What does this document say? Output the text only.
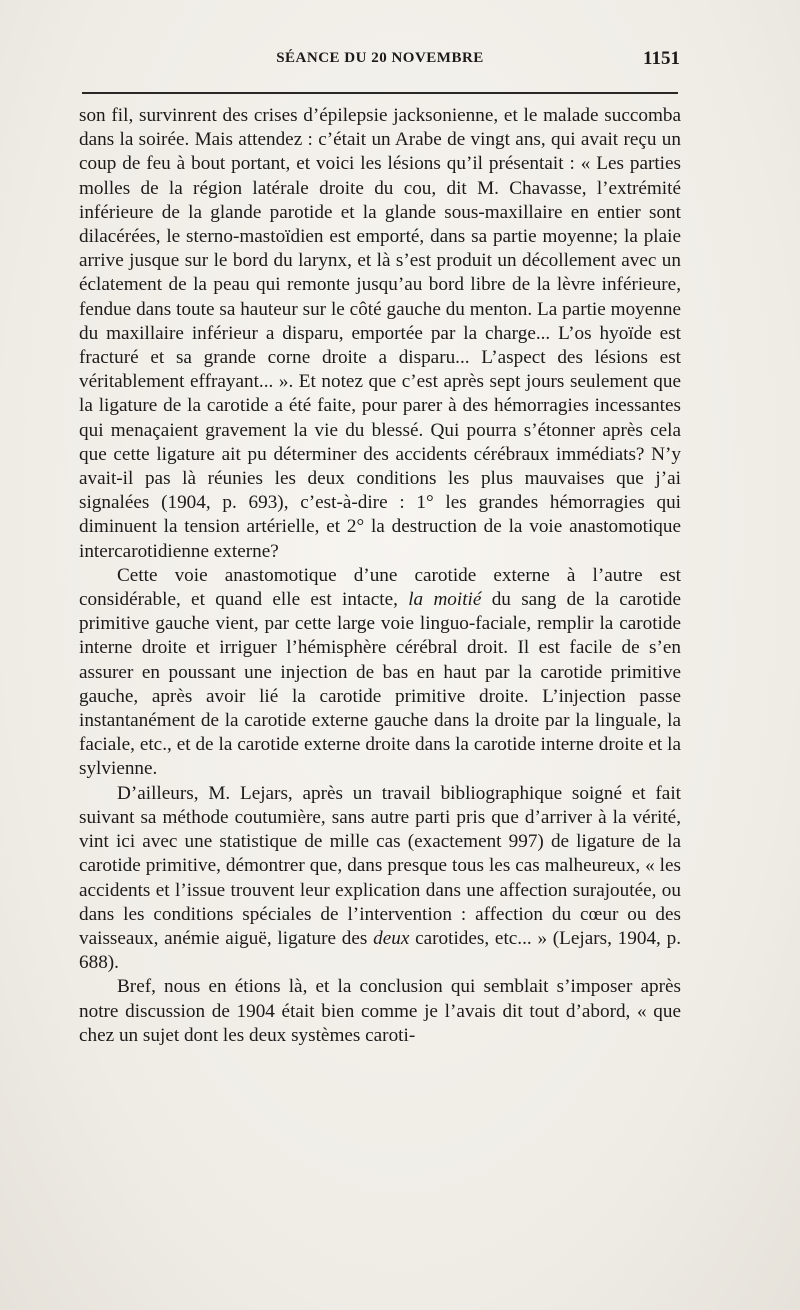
SÉANCE DU 20 NOVEMBRE	1151

son fil, survinrent des crises d’épilepsie jacksonienne, et le malade succomba dans la soirée. Mais attendez : c’était un Arabe de vingt ans, qui avait reçu un coup de feu à bout portant, et voici les lésions qu’il présentait : « Les parties molles de la région latérale droite du cou, dit M. Chavasse, l’extrémité inférieure de la glande parotide et la glande sous-maxillaire en entier sont dilacérées, le sterno-mastoïdien est emporté, dans sa partie moyenne; la plaie arrive jusque sur le bord du larynx, et là s’est produit un décollement avec un éclatement de la peau qui remonte jusqu’au bord libre de la lèvre inférieure, fendue dans toute sa hauteur sur le côté gauche du menton. La partie moyenne du maxillaire inférieur a disparu, emportée par la charge... L’os hyoïde est fracturé et sa grande corne droite a disparu... L’aspect des lésions est véritablement effrayant... ». Et notez que c’est après sept jours seulement que la ligature de la carotide a été faite, pour parer à des hémorragies incessantes qui menaçaient gravement la vie du blessé. Qui pourra s’étonner après cela que cette ligature ait pu déterminer des accidents cérébraux immédiats? N’y avait-il pas là réunies les deux conditions les plus mauvaises que j’ai signalées (1904, p. 693), c’est-à-dire : 1° les grandes hémorragies qui diminuent la tension artérielle, et 2° la destruction de la voie anastomotique intercarotidienne externe?

Cette voie anastomotique d’une carotide externe à l’autre est considérable, et quand elle est intacte, la moitié du sang de la carotide primitive gauche vient, par cette large voie linguo-faciale, remplir la carotide interne droite et irriguer l’hémisphère cérébral droit. Il est facile de s’en assurer en poussant une injection de bas en haut par la carotide primitive gauche, après avoir lié la carotide primitive droite. L’injection passe instantanément de la carotide externe gauche dans la droite par la linguale, la faciale, etc., et de la carotide externe droite dans la carotide interne droite et la sylvienne.

D’ailleurs, M. Lejars, après un travail bibliographique soigné et fait suivant sa méthode coutumière, sans autre parti pris que d’arriver à la vérité, vint ici avec une statistique de mille cas (exactement 997) de ligature de la carotide primitive, démontrer que, dans presque tous les cas malheureux, « les accidents et l’issue trouvent leur explication dans une affection surajoutée, ou dans les conditions spéciales de l’intervention : affection du cœur ou des vaisseaux, anémie aiguë, ligature des deux carotides, etc... » (Lejars, 1904, p. 688).

Bref, nous en étions là, et la conclusion qui semblait s’imposer après notre discussion de 1904 était bien comme je l’avais dit tout d’abord, « que chez un sujet dont les deux systèmes caroti-
